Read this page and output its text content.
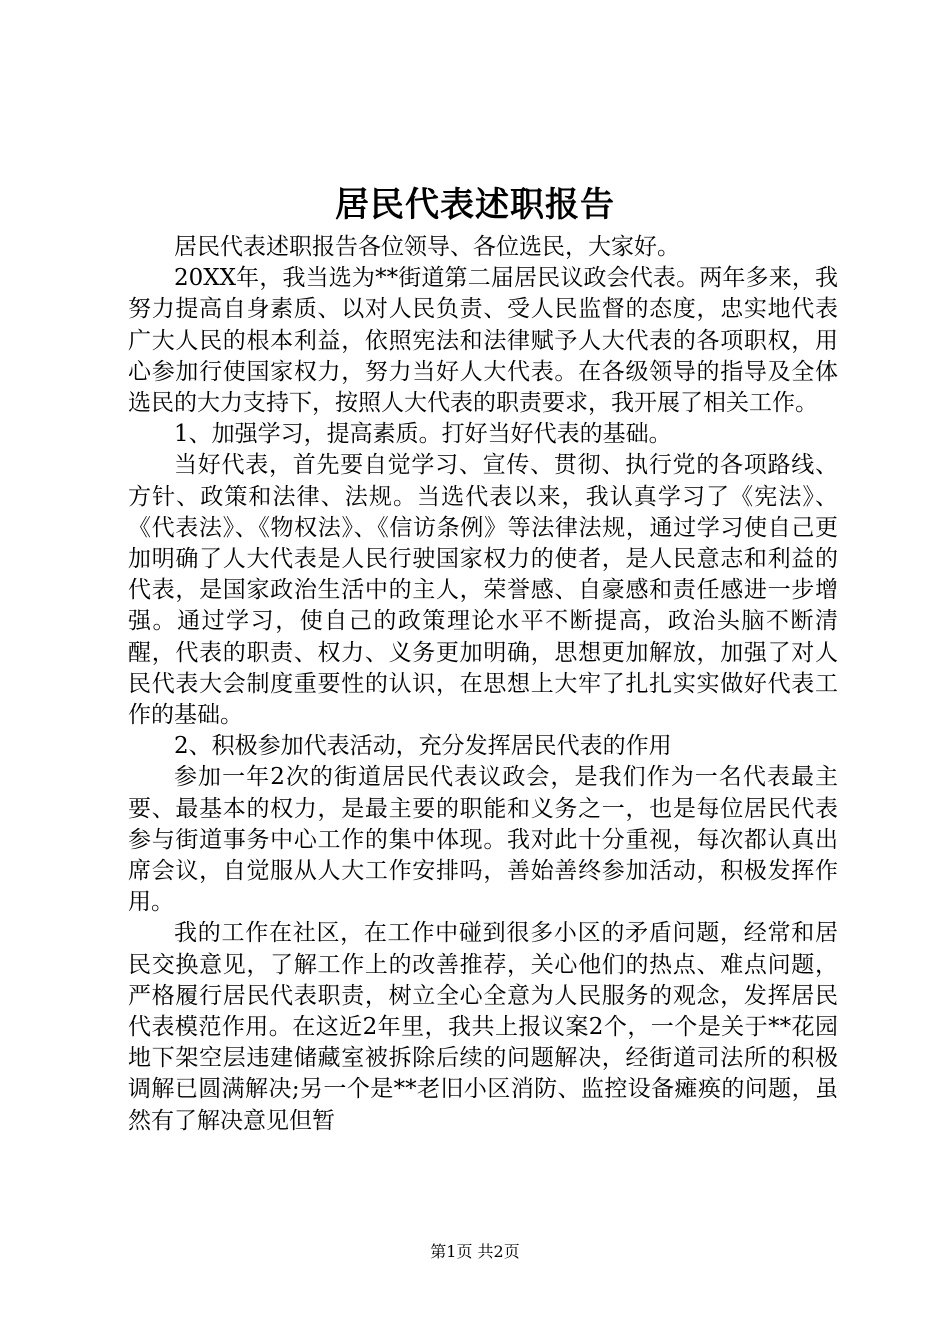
居民代表述职报告

居民代表述职报告各位领导、各位选民，大家好。

20XX年，我当选为**街道第二届居民议政会代表。两年多来，我努力提高自身素质、以对人民负责、受人民监督的态度，忠实地代表广大人民的根本利益，依照宪法和法律赋予人大代表的各项职权，用心参加行使国家权力，努力当好人大代表。在各级领导的指导及全体选民的大力支持下，按照人大代表的职责要求，我开展了相关工作。

1、加强学习，提高素质。打好当好代表的基础。

当好代表，首先要自觉学习、宣传、贯彻、执行党的各项路线、方针、政策和法律、法规。当选代表以来，我认真学习了《宪法》、《代表法》、《物权法》、《信访条例》等法律法规，通过学习使自己更加明确了人大代表是人民行驶国家权力的使者，是人民意志和利益的代表，是国家政治生活中的主人，荣誉感、自豪感和责任感进一步增强。通过学习，使自己的政策理论水平不断提高，政治头脑不断清醒，代表的职责、权力、义务更加明确，思想更加解放，加强了对人民代表大会制度重要性的认识，在思想上大牢了扎扎实实做好代表工作的基础。

2、积极参加代表活动，充分发挥居民代表的作用

参加一年2次的街道居民代表议政会，是我们作为一名代表最主要、最基本的权力，是最主要的职能和义务之一，也是每位居民代表参与街道事务中心工作的集中体现。我对此十分重视，每次都认真出席会议，自觉服从人大工作安排吗，善始善终参加活动，积极发挥作用。

我的工作在社区，在工作中碰到很多小区的矛盾问题，经常和居民交换意见，了解工作上的改善推荐，关心他们的热点、难点问题，严格履行居民代表职责，树立全心全意为人民服务的观念，发挥居民代表模范作用。在这近2年里，我共上报议案2个，一个是关于**花园地下架空层违建储藏室被拆除后续的问题解决，经街道司法所的积极调解已圆满解决;另一个是**老旧小区消防、监控设备瘫痪的问题，虽然有了解决意见但暂

第1页 共2页
